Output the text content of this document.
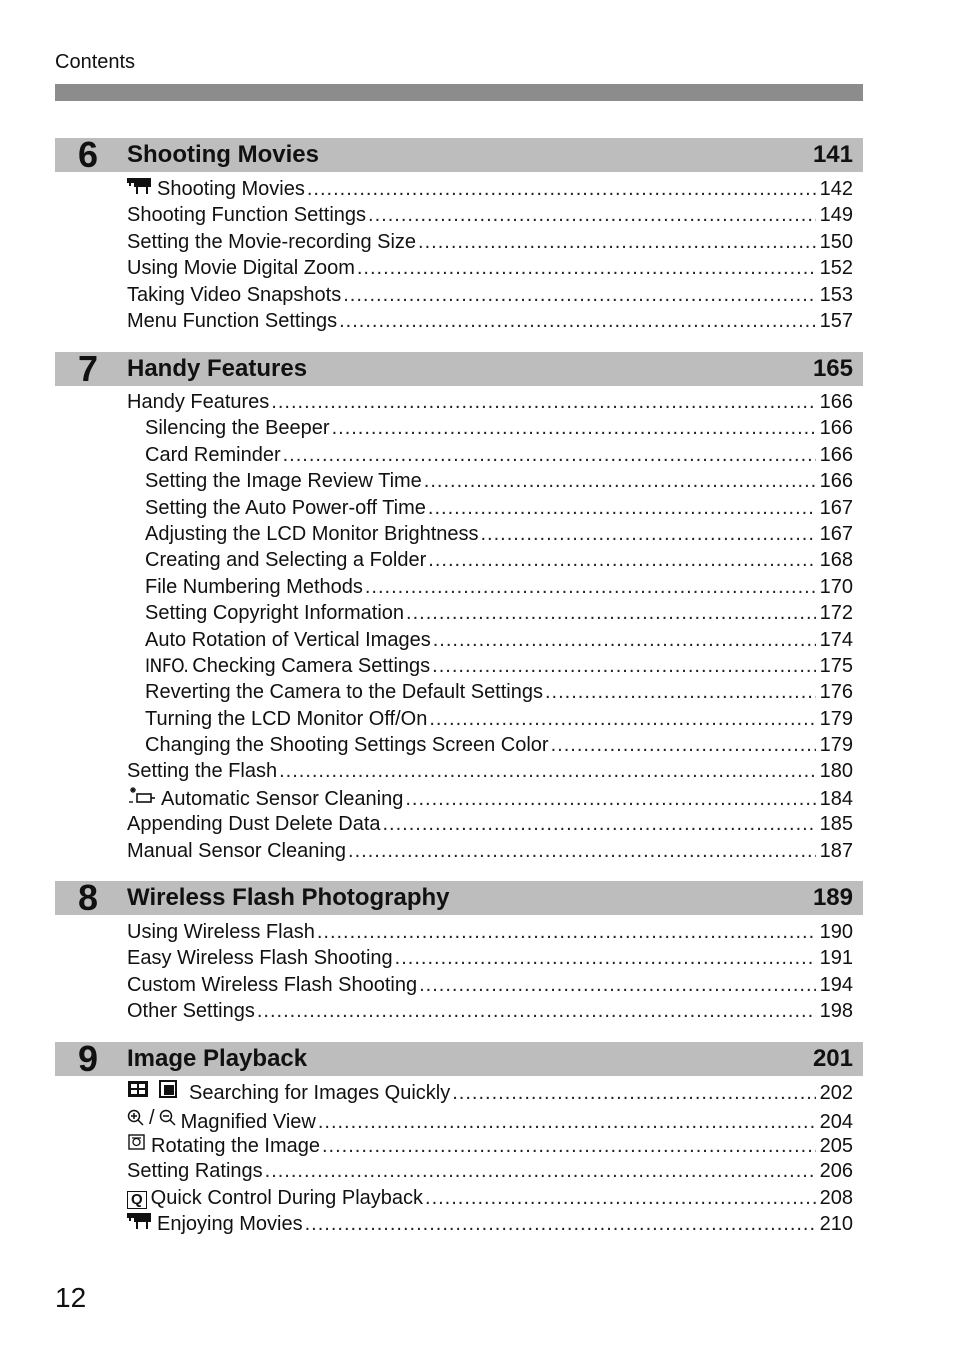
Contents
6 Shooting Movies	141
Shooting Movies .....	142
Shooting Function Settings .....	149
Setting the Movie-recording Size .....	150
Using Movie Digital Zoom .....	152
Taking Video Snapshots .....	153
Menu Function Settings .....	157
7 Handy Features	165
Handy Features .....	166
Silencing the Beeper .....	166
Card Reminder .....	166
Setting the Image Review Time .....	166
Setting the Auto Power-off Time .....	167
Adjusting the LCD Monitor Brightness .....	167
Creating and Selecting a Folder .....	168
File Numbering Methods .....	170
Setting Copyright Information .....	172
Auto Rotation of Vertical Images .....	174
INFO. Checking Camera Settings .....	175
Reverting the Camera to the Default Settings .....	176
Turning the LCD Monitor Off/On .....	179
Changing the Shooting Settings Screen Color .....	179
Setting the Flash .....	180
Automatic Sensor Cleaning .....	184
Appending Dust Delete Data .....	185
Manual Sensor Cleaning .....	187
8 Wireless Flash Photography	189
Using Wireless Flash .....	190
Easy Wireless Flash Shooting .....	191
Custom Wireless Flash Shooting .....	194
Other Settings .....	198
9 Image Playback	201
Searching for Images Quickly .....	202
/ Magnified View .....	204
Rotating the Image .....	205
Setting Ratings .....	206
Q Quick Control During Playback .....	208
Enjoying Movies .....	210
12
